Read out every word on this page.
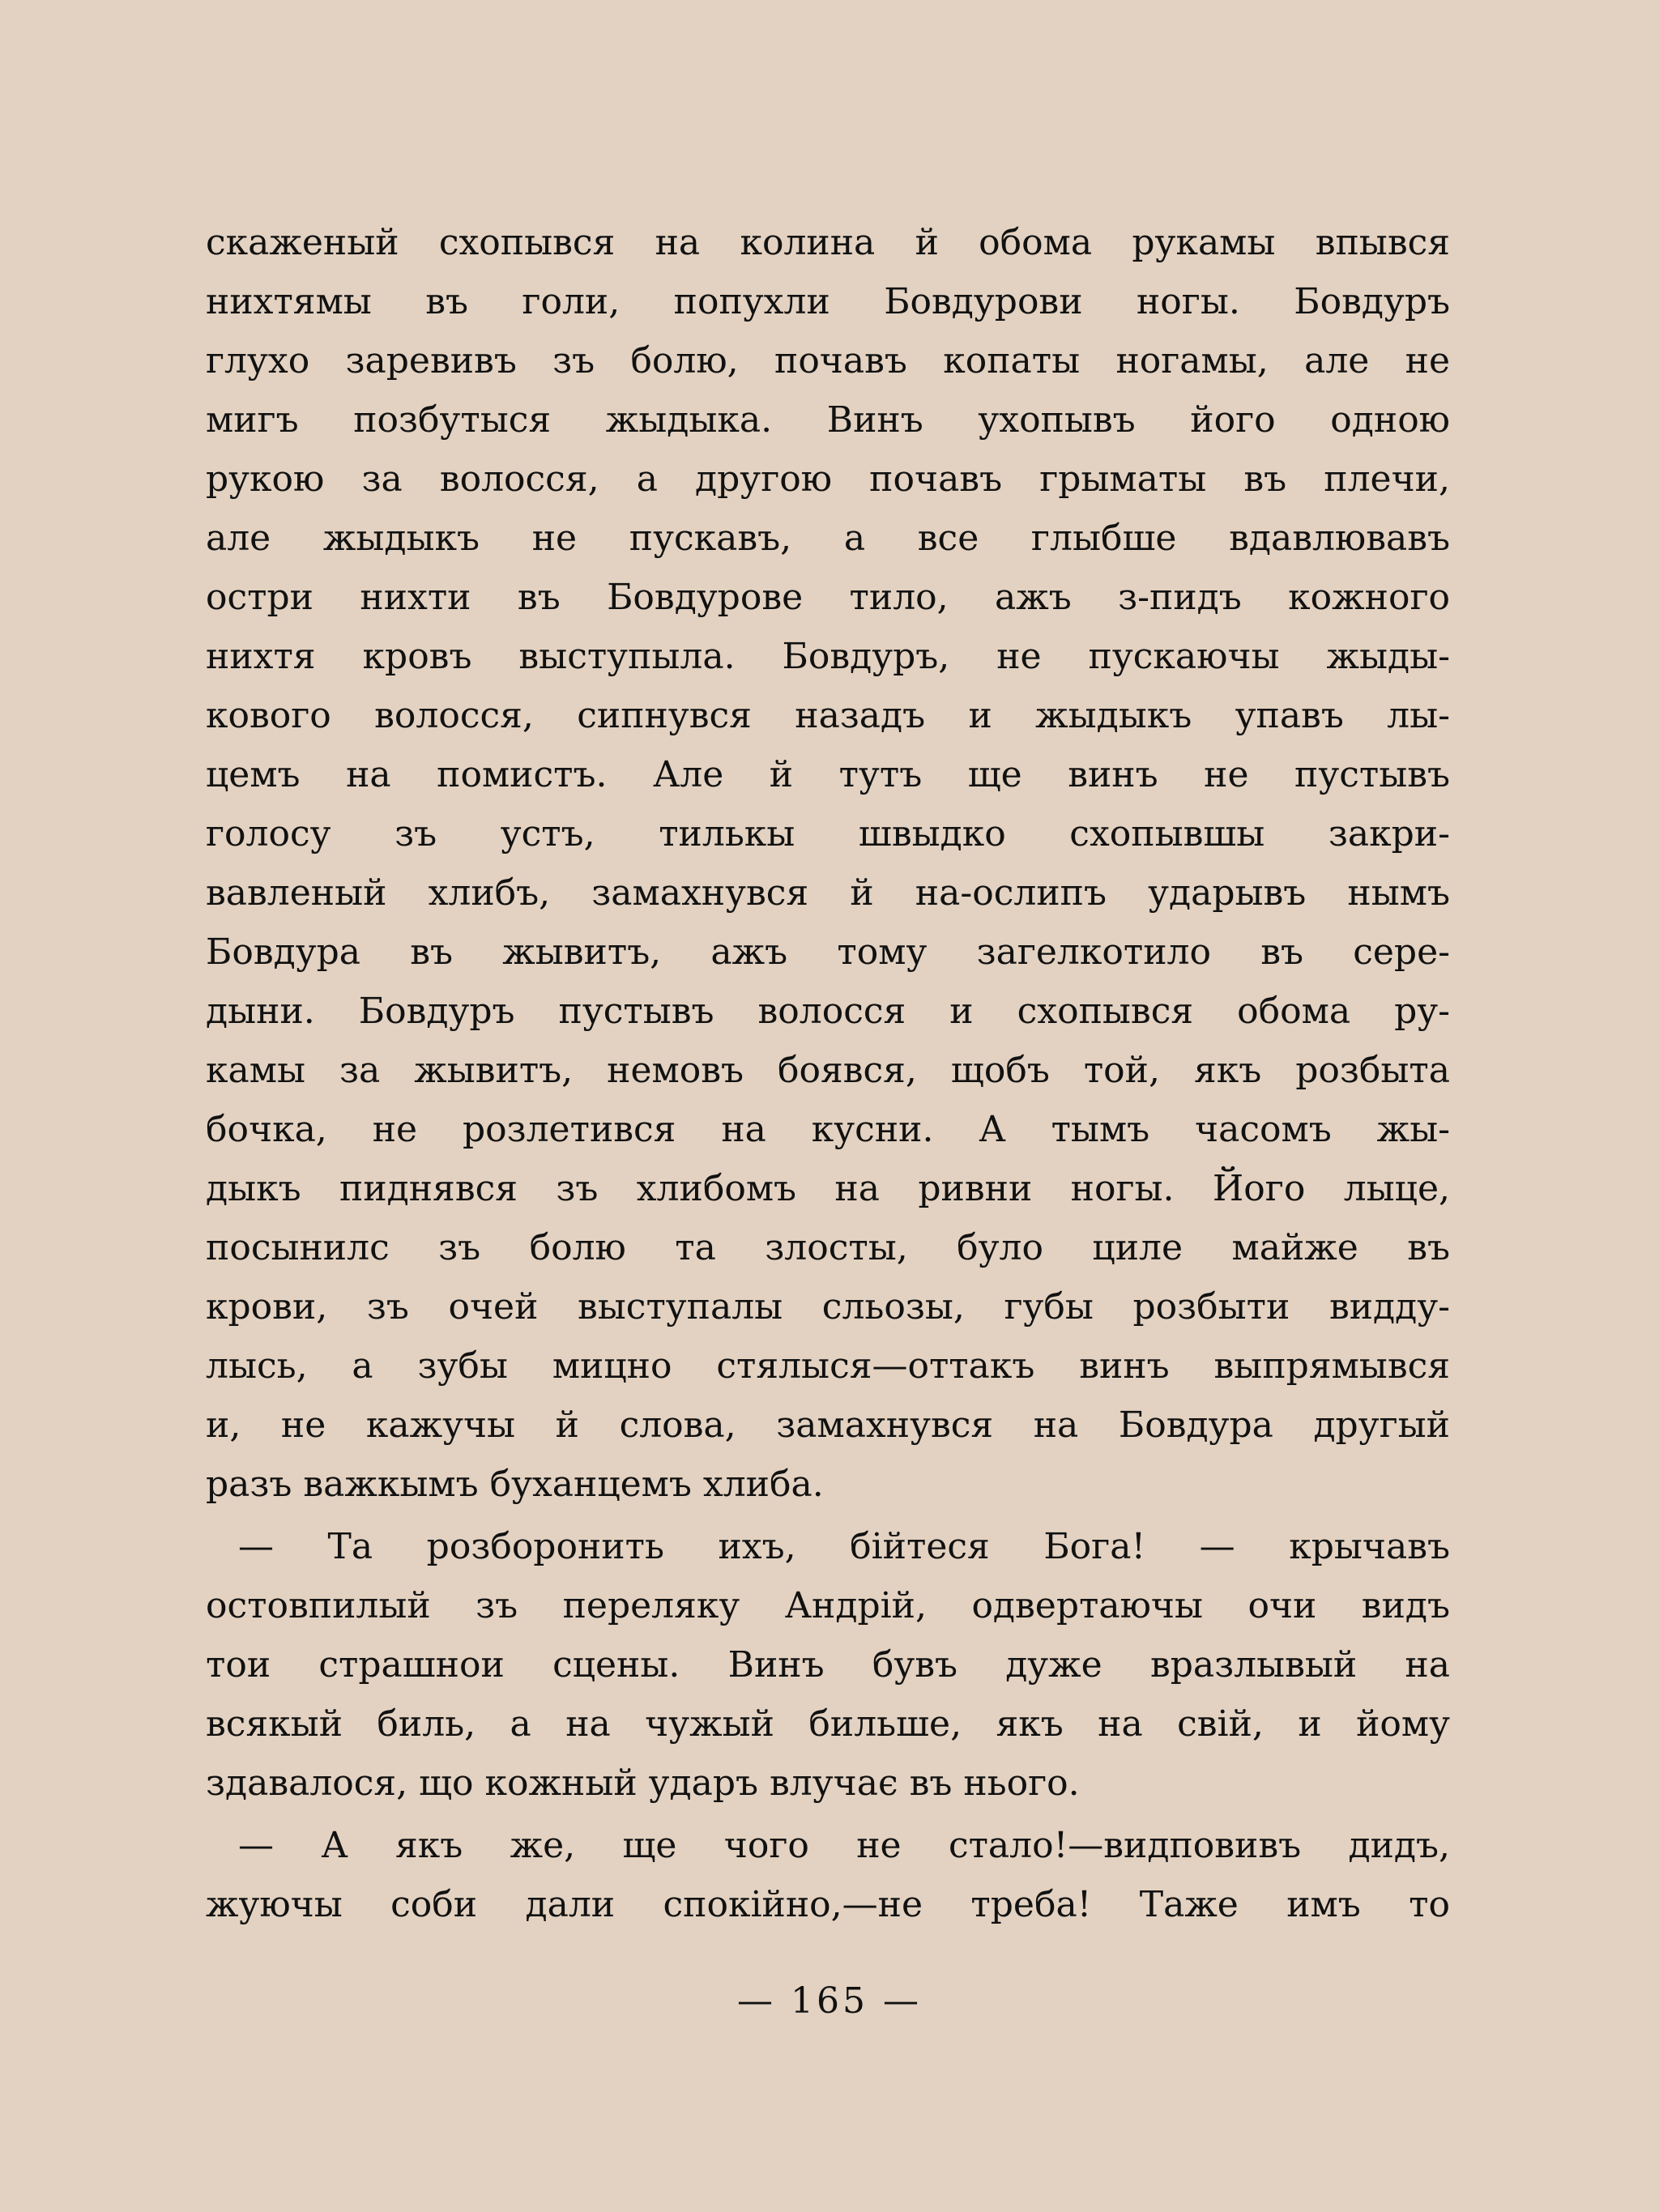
скаженый схопывся на колина й обома рукамы впывся
нихтямы въ голи, попухли Бовдурови ногы. Бовдуръ
глухо заревивъ зъ болю, почавъ копаты ногамы, але не
мигъ позбутыся жыдыка. Винъ ухопывъ його одною
рукою за волосся, а другою почавъ грыматы въ плечи,
але жыдыкъ не пускавъ, а все глыбше вдавлювавъ
остри нихти въ Бовдурове тило, ажъ з-пидъ кожного
нихтя кровъ выступыла. Бовдуръ, не пускаючы жыды-
кового волосся, сипнувся назадъ и жыдыкъ упавъ лы-
цемъ на помистъ. Але й тутъ ще винъ не пустывъ
голосу зъ устъ, тилькы швыдко схопывшы закри-
вавленый хлибъ, замахнувся й на-ослипъ ударывъ нымъ
Бовдура въ жывитъ, ажъ тому загелкотило въ сере-
дыни. Бовдуръ пустывъ волосся и схопывся обома ру-
камы за жывитъ, немовъ боявся, щобъ той, якъ розбыта
бочка, не розлетився на кусни. А тымъ часомъ жы-
дыкъ пиднявся зъ хлибомъ на ривни ногы. Його лыце,
посынилс зъ болю та злосты, було циле майже въ
крови, зъ очей выступалы сльозы, губы розбыти видду-
лысь, а зубы мицно стялыся—оттакъ винъ выпрямывся
и, не кажучы й слова, замахнувся на Бовдура другый
разъ важкымъ буханцемъ хлиба.
— Та розборонить ихъ, бійтеся Бога! — крычавъ
остовпилый зъ переляку Андрій, одвертаючы очи видъ
тои страшнои сцены. Винъ бувъ дуже вразлывый на
всякый биль, а на чужый бильше, якъ на свій, и йому
здавалося, що кожный ударъ влучає въ нього.
— А якъ же, ще чого не стало!—видповивъ дидъ,
жуючы соби дали спокійно,—не треба! Таже имъ то
— 165 —
